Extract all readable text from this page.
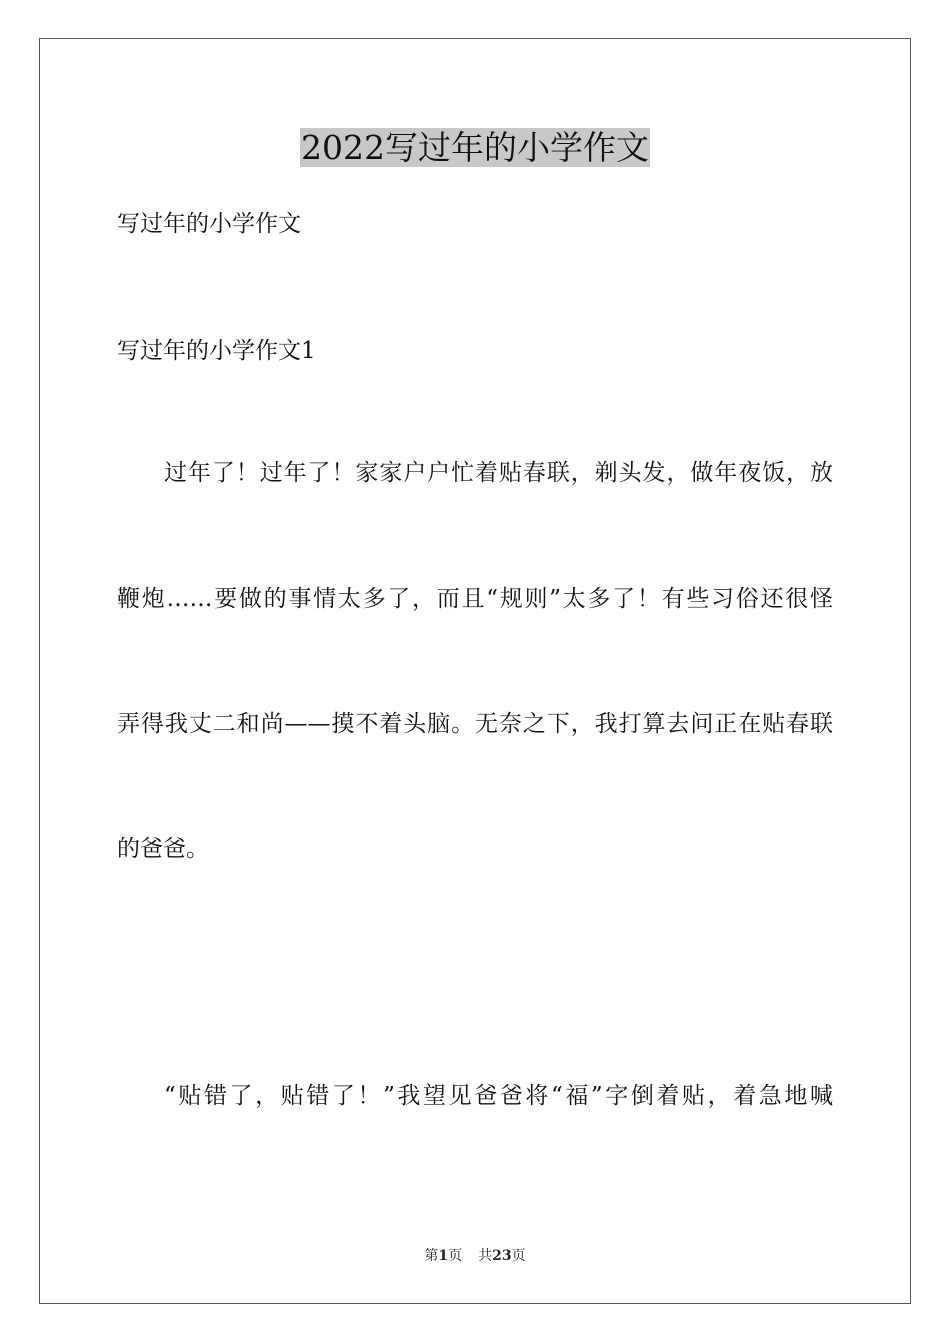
2022写过年的小学作文

写过年的小学作文

写过年的小学作文1

过年了！过年了！家家户户忙着贴春联，剃头发，做年夜饭，放

鞭炮……要做的事情太多了，而且“规则”太多了！有些习俗还很怪

弄得我丈二和尚——摸不着头脑。无奈之下，我打算去问正在贴春联

的爸爸。

“贴错了，贴错了！”我望见爸爸将“福”字倒着贴，着急地喊

第1页 共23页
